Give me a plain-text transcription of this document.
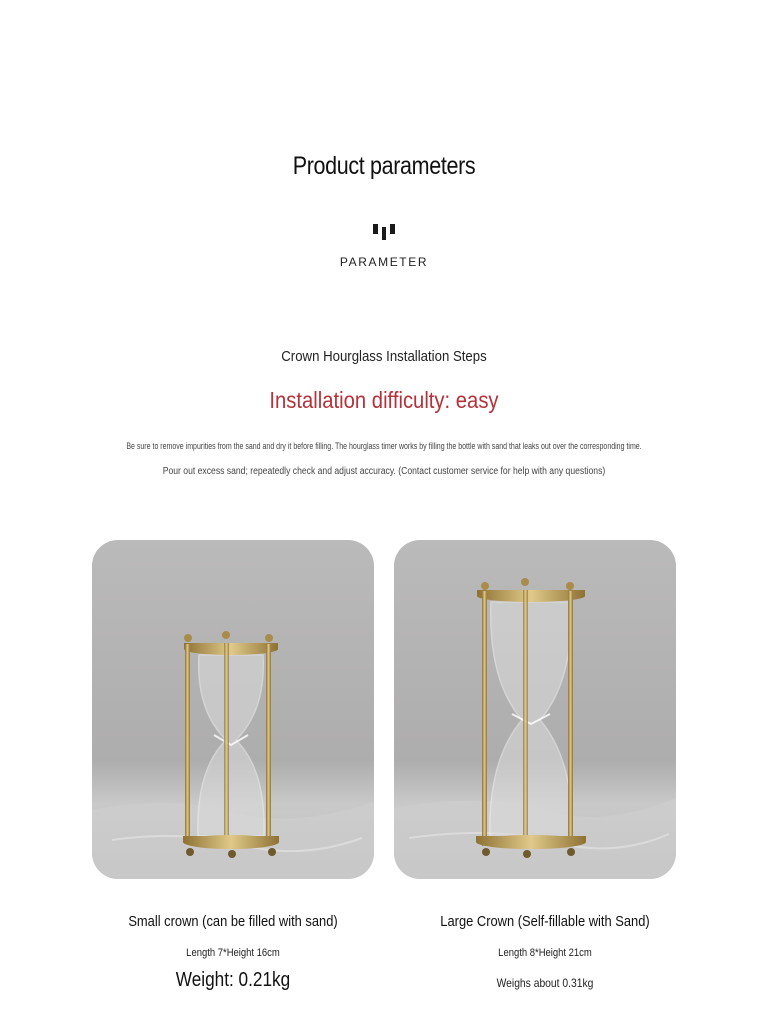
Product parameters
PARAMETER
Crown Hourglass Installation Steps
Installation difficulty: easy
Be sure to remove impurities from the sand and dry it before filling. The hourglass timer works by filling the bottle with sand that leaks out over the corresponding time.
Pour out excess sand; repeatedly check and adjust accuracy. (Contact customer service for help with any questions)
Small crown (can be filled with sand)
Length 7*Height 16cm
Weight: 0.21kg
Large Crown (Self-fillable with Sand)
Length 8*Height 21cm
Weighs about 0.31kg
